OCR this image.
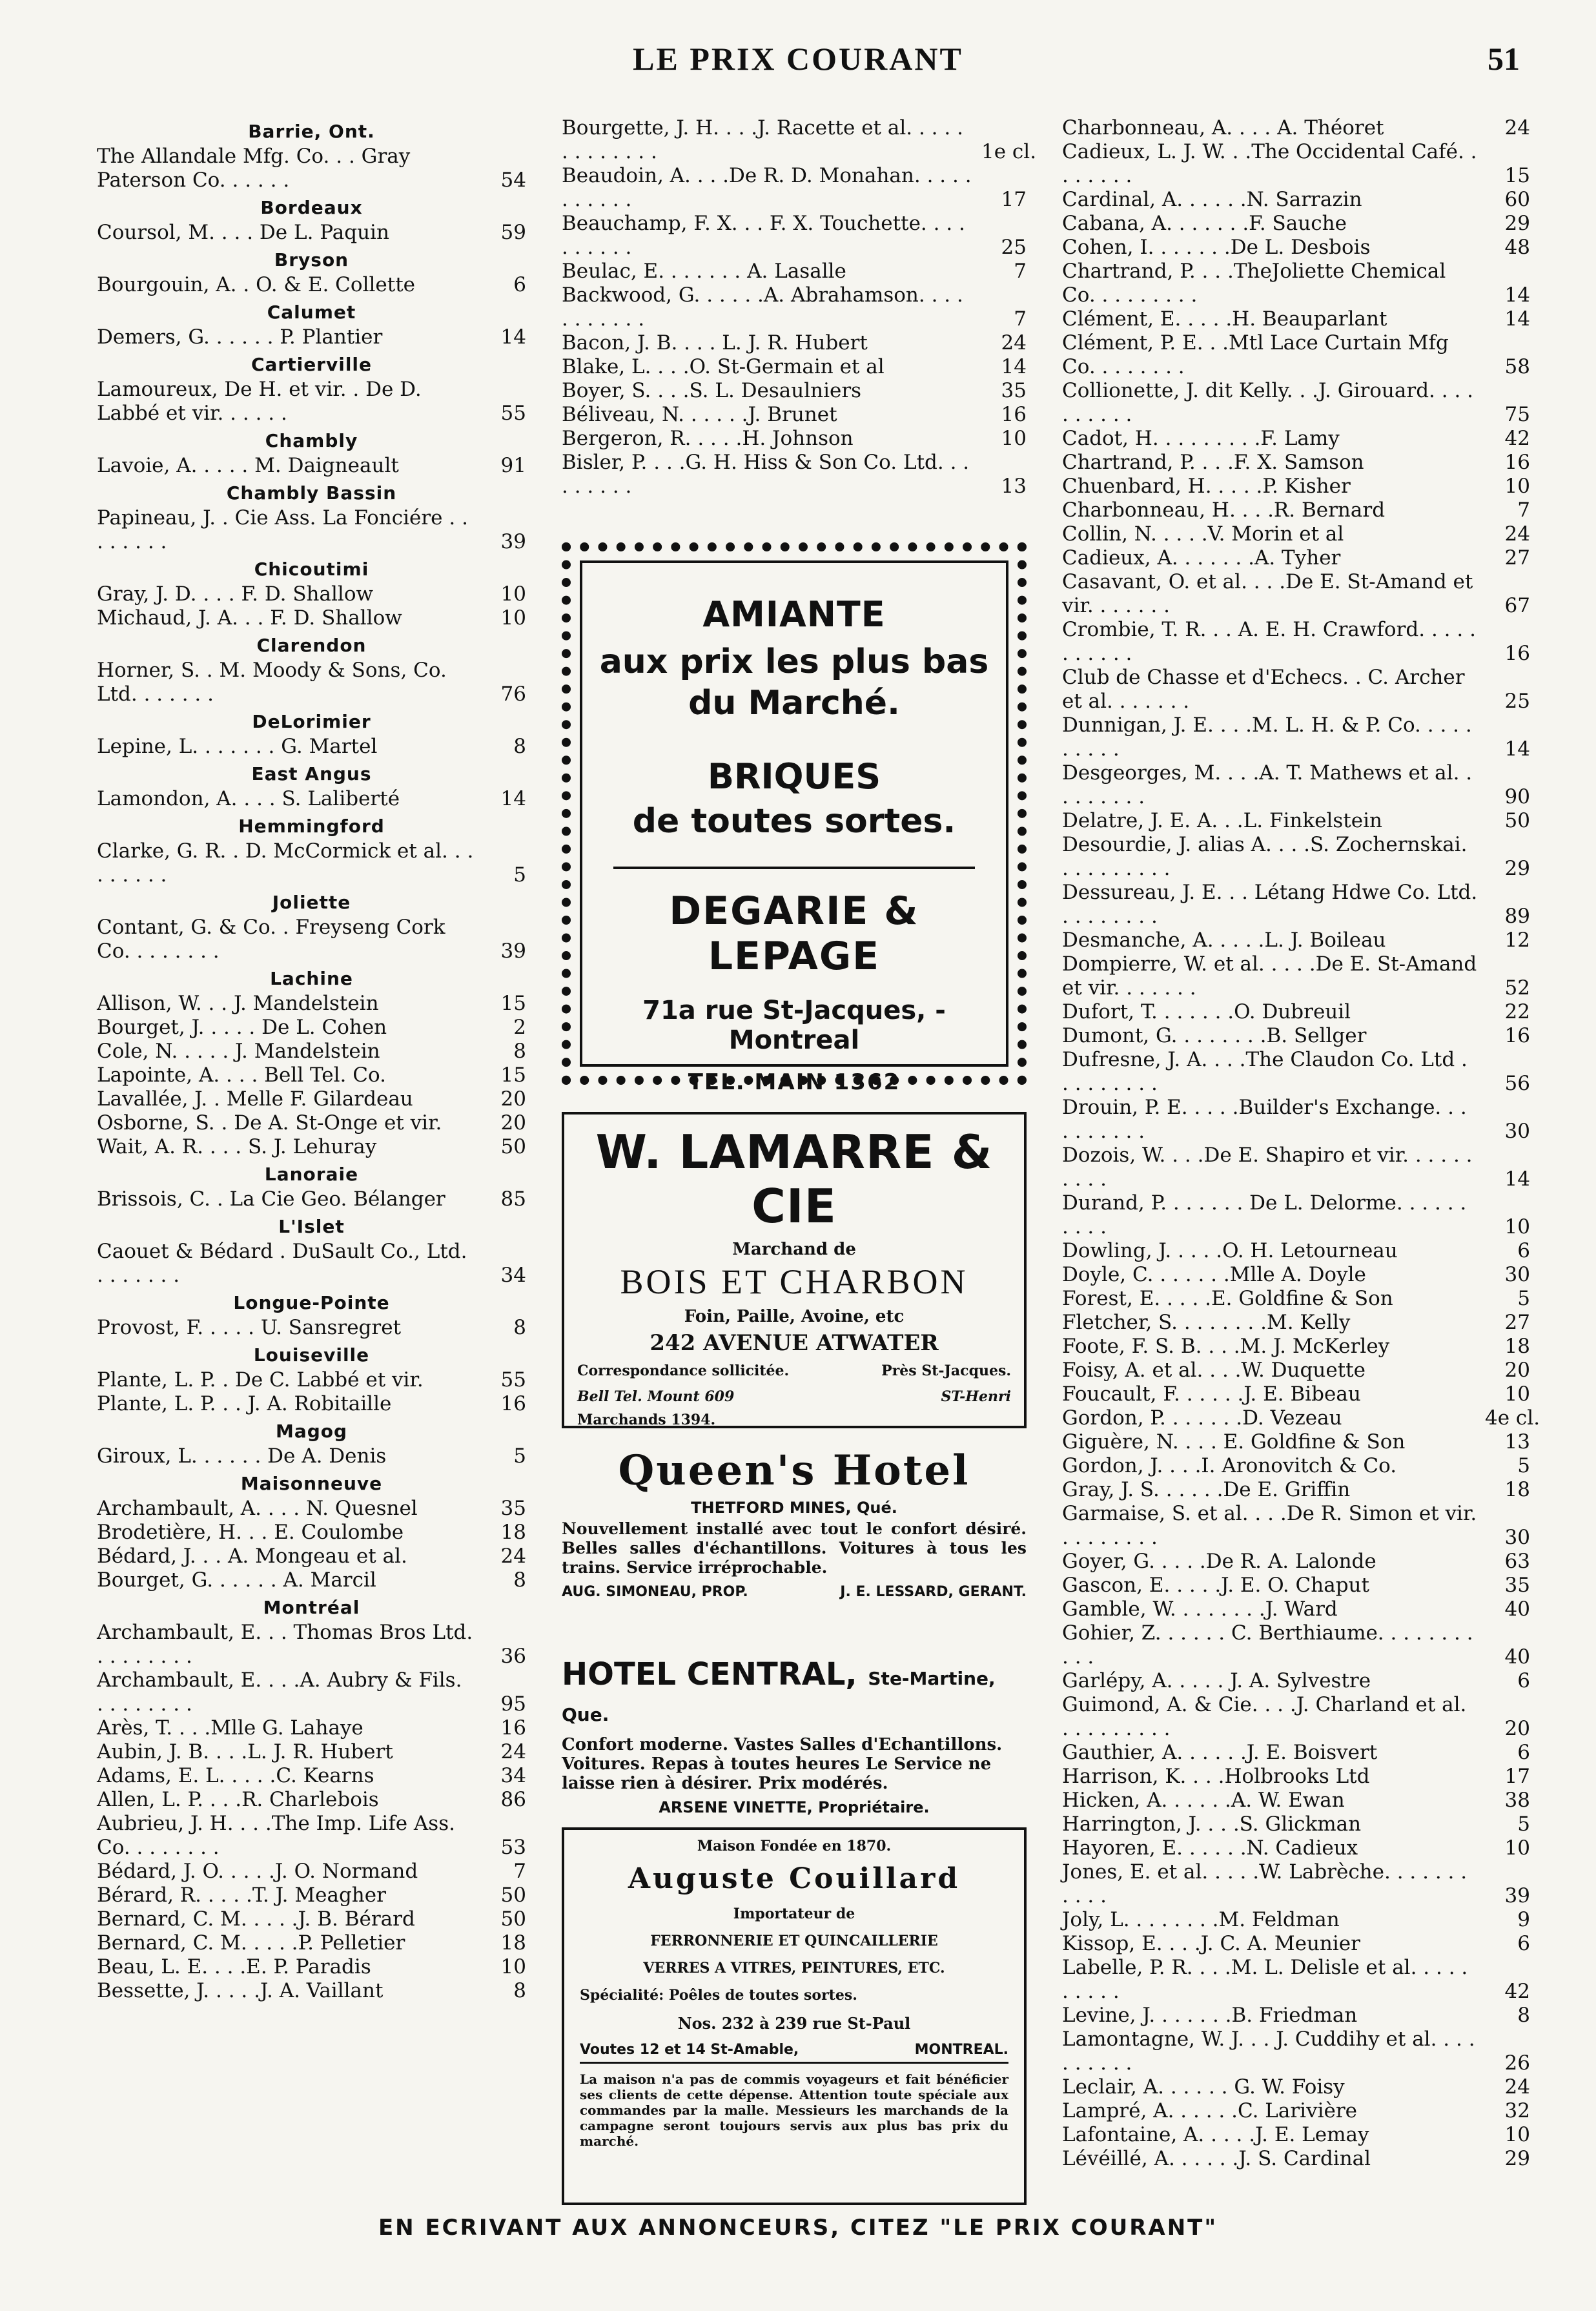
LE PRIX COURANT	51
Barrie, Ont.
The Allandale Mfg. Co. . . Gray Paterson Co. . . . . .	54
Bordeaux
Coursol, M. . . . De L. Paquin	59
Bryson
Bourgouin, A. . O. & E. Collette	6
Calumet
Demers, G. . . . . . P. Plantier	14
Cartierville
Lamoureux, De H. et vir. . De D. Labbé et vir. . . . . .	55
Chambly
Lavoie, A. . . . . M. Daigneault	91
Chambly Bassin
Papineau, J. . Cie Ass. La Fonciére . . . . . . . .	39
Chicoutimi
Gray, J. D. . . . F. D. Shallow	10
Michaud, J. A. . . F. D. Shallow	10
Clarendon
Horner, S. . M. Moody & Sons, Co. Ltd. . . . . . .	76
DeLorimier
Lepine, L. . . . . . . G. Martel	8
East Angus
Lamondon, A. . . . S. Laliberté	14
Hemmingford
Clarke, G. R. . D. McCormick et al. . . . . . . . .	5
Joliette
Contant, G. & Co. . Freyseng Cork Co. . . . . . . .	39
Lachine
Allison, W. . . J. Mandelstein	15
Bourget, J. . . . . De L. Cohen	2
Cole, N. . . . . J. Mandelstein	8
Lapointe, A. . . . Bell Tel. Co.	15
Lavallée, J. . Melle F. Gilardeau	20
Osborne, S. . De A. St-Onge et vir.	20
Wait, A. R. . . . S. J. Lehuray	50
Lanoraie
Brissois, C. . La Cie Geo. Bélanger	85
L'Islet
Caouet & Bédard . DuSault Co., Ltd. . . . . . . .	34
Longue-Pointe
Provost, F. . . . . U. Sansregret	8
Louiseville
Plante, L. P. . De C. Labbé et vir.	55
Plante, L. P. . . J. A. Robitaille	16
Magog
Giroux, L. . . . . . De A. Denis	5
Maisonneuve
Archambault, A. . . . N. Quesnel	35
Brodetière, H. . . E. Coulombe	18
Bédard, J. . . A. Mongeau et al.	24
Bourget, G. . . . . . A. Marcil	8
Montréal
Archambault, E. . . Thomas Bros Ltd. . . . . . . . .	36
Archambault, E. . . .A. Aubry & Fils. . . . . . . . .	95
Arès, T. . . .Mlle G. Lahaye	16
Aubin, J. B. . . .L. J. R. Hubert	24
Adams, E. L. . . . .C. Kearns	34
Allen, L. P. . . .R. Charlebois	86
Aubrieu, J. H. . . .The Imp. Life Ass. Co. . . . . . . .	53
Bédard, J. O. . . . .J. O. Normand	7
Bérard, R. . . . .T. J. Meagher	50
Bernard, C. M. . . . .J. B. Bérard	50
Bernard, C. M. . . . .P. Pelletier	18
Beau, L. E. . . .E. P. Paradis	10
Bessette, J. . . . .J. A. Vaillant	8
Bourgette, J. H. . . .J. Racette et al. . . . . . . . . . . . .	1e cl.
Beaudoin, A. . . .De R. D. Monahan. . . . . . . . . . .	17
Beauchamp, F. X. . . F. X. Touchette. . . . . . . . . .	25
Beulac, E. . . . . . . A. Lasalle	7
Backwood, G. . . . . .A. Abrahamson. . . . . . . . . . .	7
Bacon, J. B. . . . L. J. R. Hubert	24
Blake, L. . . .O. St-Germain et al	14
Boyer, S. . . .S. L. Desaulniers	35
Béliveau, N. . . . . .J. Brunet	16
Bergeron, R. . . . .H. Johnson	10
Bisler, P. . . .G. H. Hiss & Son Co. Ltd. . . . . . . . .	13
Charbonneau, A. . . . A. Théoret	24
Cadieux, L. J. W. . .The Occidental Café. . . . . . . .	15
Cardinal, A. . . . . .N. Sarrazin	60
Cabana, A. . . . . . .F. Sauche	29
Cohen, I. . . . . . .De L. Desbois	48
Chartrand, P. . . .TheJoliette Chemical Co. . . . . . . . .	14
Clément, E. . . . .H. Beauparlant	14
Clément, P. E. . .Mtl Lace Curtain Mfg Co. . . . . . . .	58
Collionette, J. dit Kelly. . .J. Girouard. . . . . . . . . .	75
Cadot, H. . . . . . . . .F. Lamy	42
Chartrand, P. . . .F. X. Samson	16
Chuenbard, H. . . . .P. Kisher	10
Charbonneau, H. . . .R. Bernard	7
Collin, N. . . . .V. Morin et al	24
Cadieux, A. . . . . . .A. Tyher	27
Casavant, O. et al. . . .De E. St-Amand et vir. . . . . . .	67
Crombie, T. R. . . A. E. H. Crawford. . . . . . . . . . .	16
Club de Chasse et d'Echecs. . C. Archer et al. . . . . . .	25
Dunnigan, J. E. . . .M. L. H. & P. Co. . . . . . . . . .	14
Desgeorges, M. . . .A. T. Mathews et al. . . . . . . . .	90
Delatre, J. E. A. . .L. Finkelstein	50
Desourdie, J. alias A. . . .S. Zochernskai. . . . . . . . . .	29
Dessureau, J. E. . . Létang Hdwe Co. Ltd. . . . . . . . .	89
Desmanche, A. . . . .L. J. Boileau	12
Dompierre, W. et al. . . . .De E. St-Amand et vir. . . . . . .	52
Dufort, T. . . . . . .O. Dubreuil	22
Dumont, G. . . . . . . .B. Sellger	16
Dufresne, J. A. . . .The Claudon Co. Ltd . . . . . . . . .	56
Drouin, P. E. . . . .Builder's Exchange. . . . . . . . . .	30
Dozois, W. . . .De E. Shapiro et vir. . . . . . . . . .	14
Durand, P. . . . . . . De L. Delorme. . . . . . . . . .	10
Dowling, J. . . . .O. H. Letourneau	6
Doyle, C. . . . . . .Mlle A. Doyle	30
Forest, E. . . . .E. Goldfine & Son	5
Fletcher, S. . . . . . . .M. Kelly	27
Foote, F. S. B. . . .M. J. McKerley	18
Foisy, A. et al. . . .W. Duquette	20
Foucault, F. . . . . .J. E. Bibeau	10
Gordon, P. . . . . . .D. Vezeau	4e cl.
Giguère, N. . . . E. Goldfine & Son	13
Gordon, J. . . .I. Aronovitch & Co.	5
Gray, J. S. . . . . .De E. Griffin	18
Garmaise, S. et al. . . .De R. Simon et vir. . . . . . . . .	30
Goyer, G. . . . .De R. A. Lalonde	63
Gascon, E. . . . .J. E. O. Chaput	35
Gamble, W. . . . . . . .J. Ward	40
Gohier, Z. . . . . . C. Berthiaume. . . . . . . . . . .	40
Garlépy, A. . . . . J. A. Sylvestre	6
Guimond, A. & Cie. . . .J. Charland et al. . . . . . . . . .	20
Gauthier, A. . . . . .J. E. Boisvert	6
Harrison, K. . . .Holbrooks Ltd	17
Hicken, A. . . . . .A. W. Ewan	38
Harrington, J. . . .S. Glickman	5
Hayoren, E. . . . . .N. Cadieux	10
Jones, E. et al. . . . .W. Labrèche. . . . . . . . . . .	39
Joly, L. . . . . . . .M. Feldman	9
Kissop, E. . . .J. C. A. Meunier	6
Labelle, P. R. . . .M. L. Delisle et al. . . . . . . . . .	42
Levine, J. . . . . . .B. Friedman	8
Lamontagne, W. J. . . J. Cuddihy et al. . . . . . . . . .	26
Leclair, A. . . . . . G. W. Foisy	24
Lampré, A. . . . . .C. Larivière	32
Lafontaine, A. . . . .J. E. Lemay	10
Lévéillé, A. . . . . .J. S. Cardinal	29
AMIANTE
aux prix les plus bas du Marché.
BRIQUES
de toutes sortes.
DEGARIE & LEPAGE
71a rue St-Jacques, - Montreal
TEL. MAIN 1362
W. LAMARRE & CIE
Marchand de
BOIS ET CHARBON
Foin, Paille, Avoine, etc
242 AVENUE ATWATER
Correspondance sollicitée.	Près St-Jacques.
Bell Tel. Mount 609	ST-Henri
Marchands 1394.
Queen's Hotel
THETFORD MINES, Qué.
Nouvellement installé avec tout le confort désiré. Belles salles d'échantillons. Voitures à tous les trains. Service irréprochable.
AUG. SIMONEAU, PROP.	J. E. LESSARD, GERANT.
HOTEL CENTRAL, Ste-Martine, Que.
Confort moderne. Vastes Salles d'Echantillons. Voitures. Repas à toutes heures Le Service ne laisse rien à désirer. Prix modérés.
ARSENE VINETTE, Propriétaire.
Maison Fondée en 1870.
Auguste Couillard
Importateur de
FERRONNERIE ET QUINCAILLERIE
VERRES A VITRES, PEINTURES, ETC.
Spécialité: Poêles de toutes sortes.
Nos. 232 à 239 rue St-Paul
Voutes 12 et 14 St-Amable,	MONTREAL.
La maison n'a pas de commis voyageurs et fait bénéficier ses clients de cette dépense. Attention toute spéciale aux commandes par la malle. Messieurs les marchands de la campagne seront toujours servis aux plus bas prix du marché.
EN ECRIVANT AUX ANNONCEURS, CITEZ "LE PRIX COURANT"
